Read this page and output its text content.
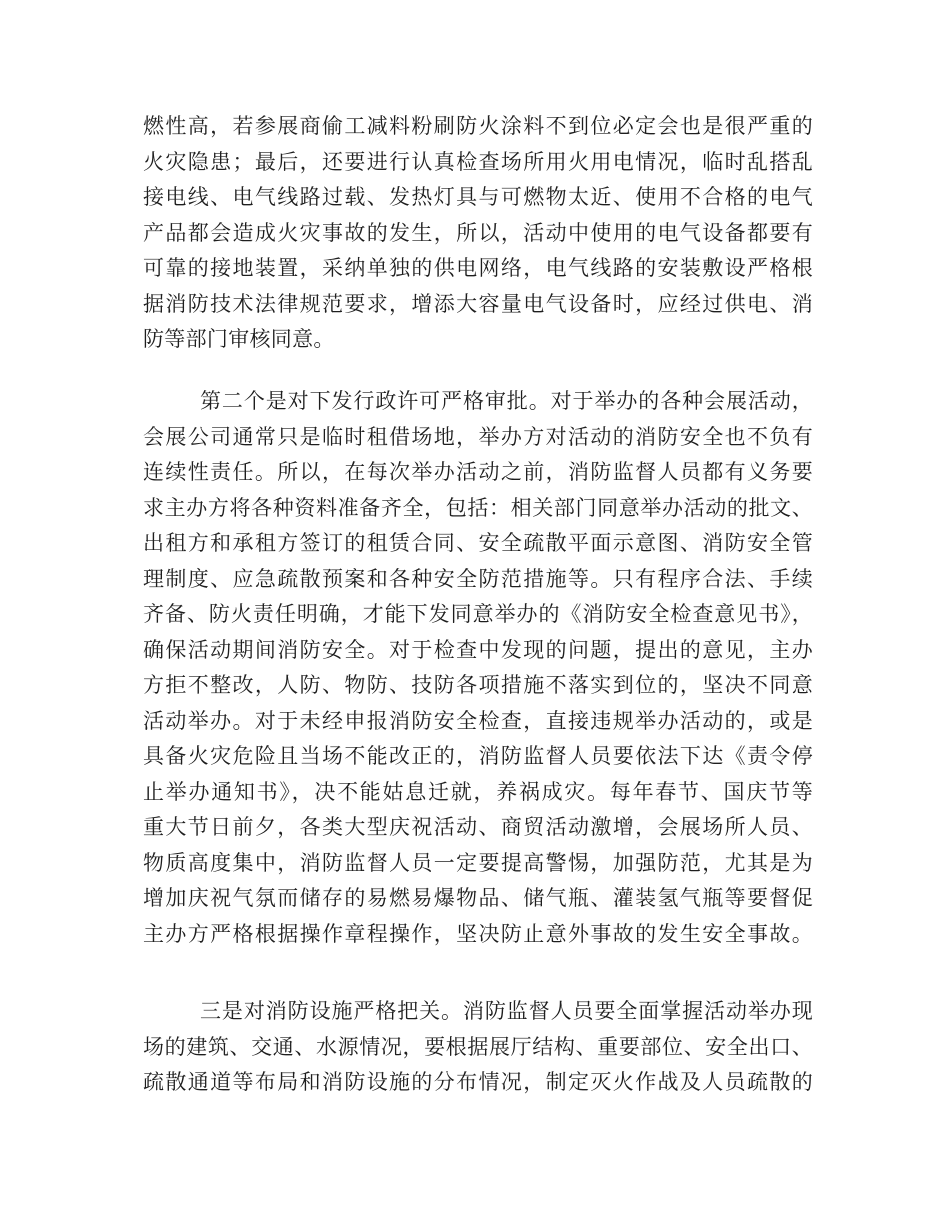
燃性高，若参展商偷工减料粉刷防火涂料不到位必定会也是很严重的
火灾隐患；最后，还要进行认真检查场所用火用电情况，临时乱搭乱
接电线、电气线路过载、发热灯具与可燃物太近、使用不合格的电气
产品都会造成火灾事故的发生，所以，活动中使用的电气设备都要有
可靠的接地装置，采纳单独的供电网络，电气线路的安装敷设严格根
据消防技术法律规范要求，增添大容量电气设备时，应经过供电、消
防等部门审核同意。
第二个是对下发行政许可严格审批。对于举办的各种会展活动，
会展公司通常只是临时租借场地，举办方对活动的消防安全也不负有
连续性责任。所以，在每次举办活动之前，消防监督人员都有义务要
求主办方将各种资料准备齐全，包括：相关部门同意举办活动的批文、
出租方和承租方签订的租赁合同、安全疏散平面示意图、消防安全管
理制度、应急疏散预案和各种安全防范措施等。只有程序合法、手续
齐备、防火责任明确，才能下发同意举办的《消防安全检查意见书》，
确保活动期间消防安全。对于检查中发现的问题，提出的意见，主办
方拒不整改，人防、物防、技防各项措施不落实到位的，坚决不同意
活动举办。对于未经申报消防安全检查，直接违规举办活动的，或是
具备火灾危险且当场不能改正的，消防监督人员要依法下达《责令停
止举办通知书》，决不能姑息迁就，养祸成灾。每年春节、国庆节等
重大节日前夕，各类大型庆祝活动、商贸活动激增，会展场所人员、
物质高度集中，消防监督人员一定要提高警惕，加强防范，尤其是为
增加庆祝气氛而储存的易燃易爆物品、储气瓶、灌装氢气瓶等要督促
主办方严格根据操作章程操作，坚决防止意外事故的发生安全事故。
三是对消防设施严格把关。消防监督人员要全面掌握活动举办现
场的建筑、交通、水源情况，要根据展厅结构、重要部位、安全出口、
疏散通道等布局和消防设施的分布情况，制定灭火作战及人员疏散的
